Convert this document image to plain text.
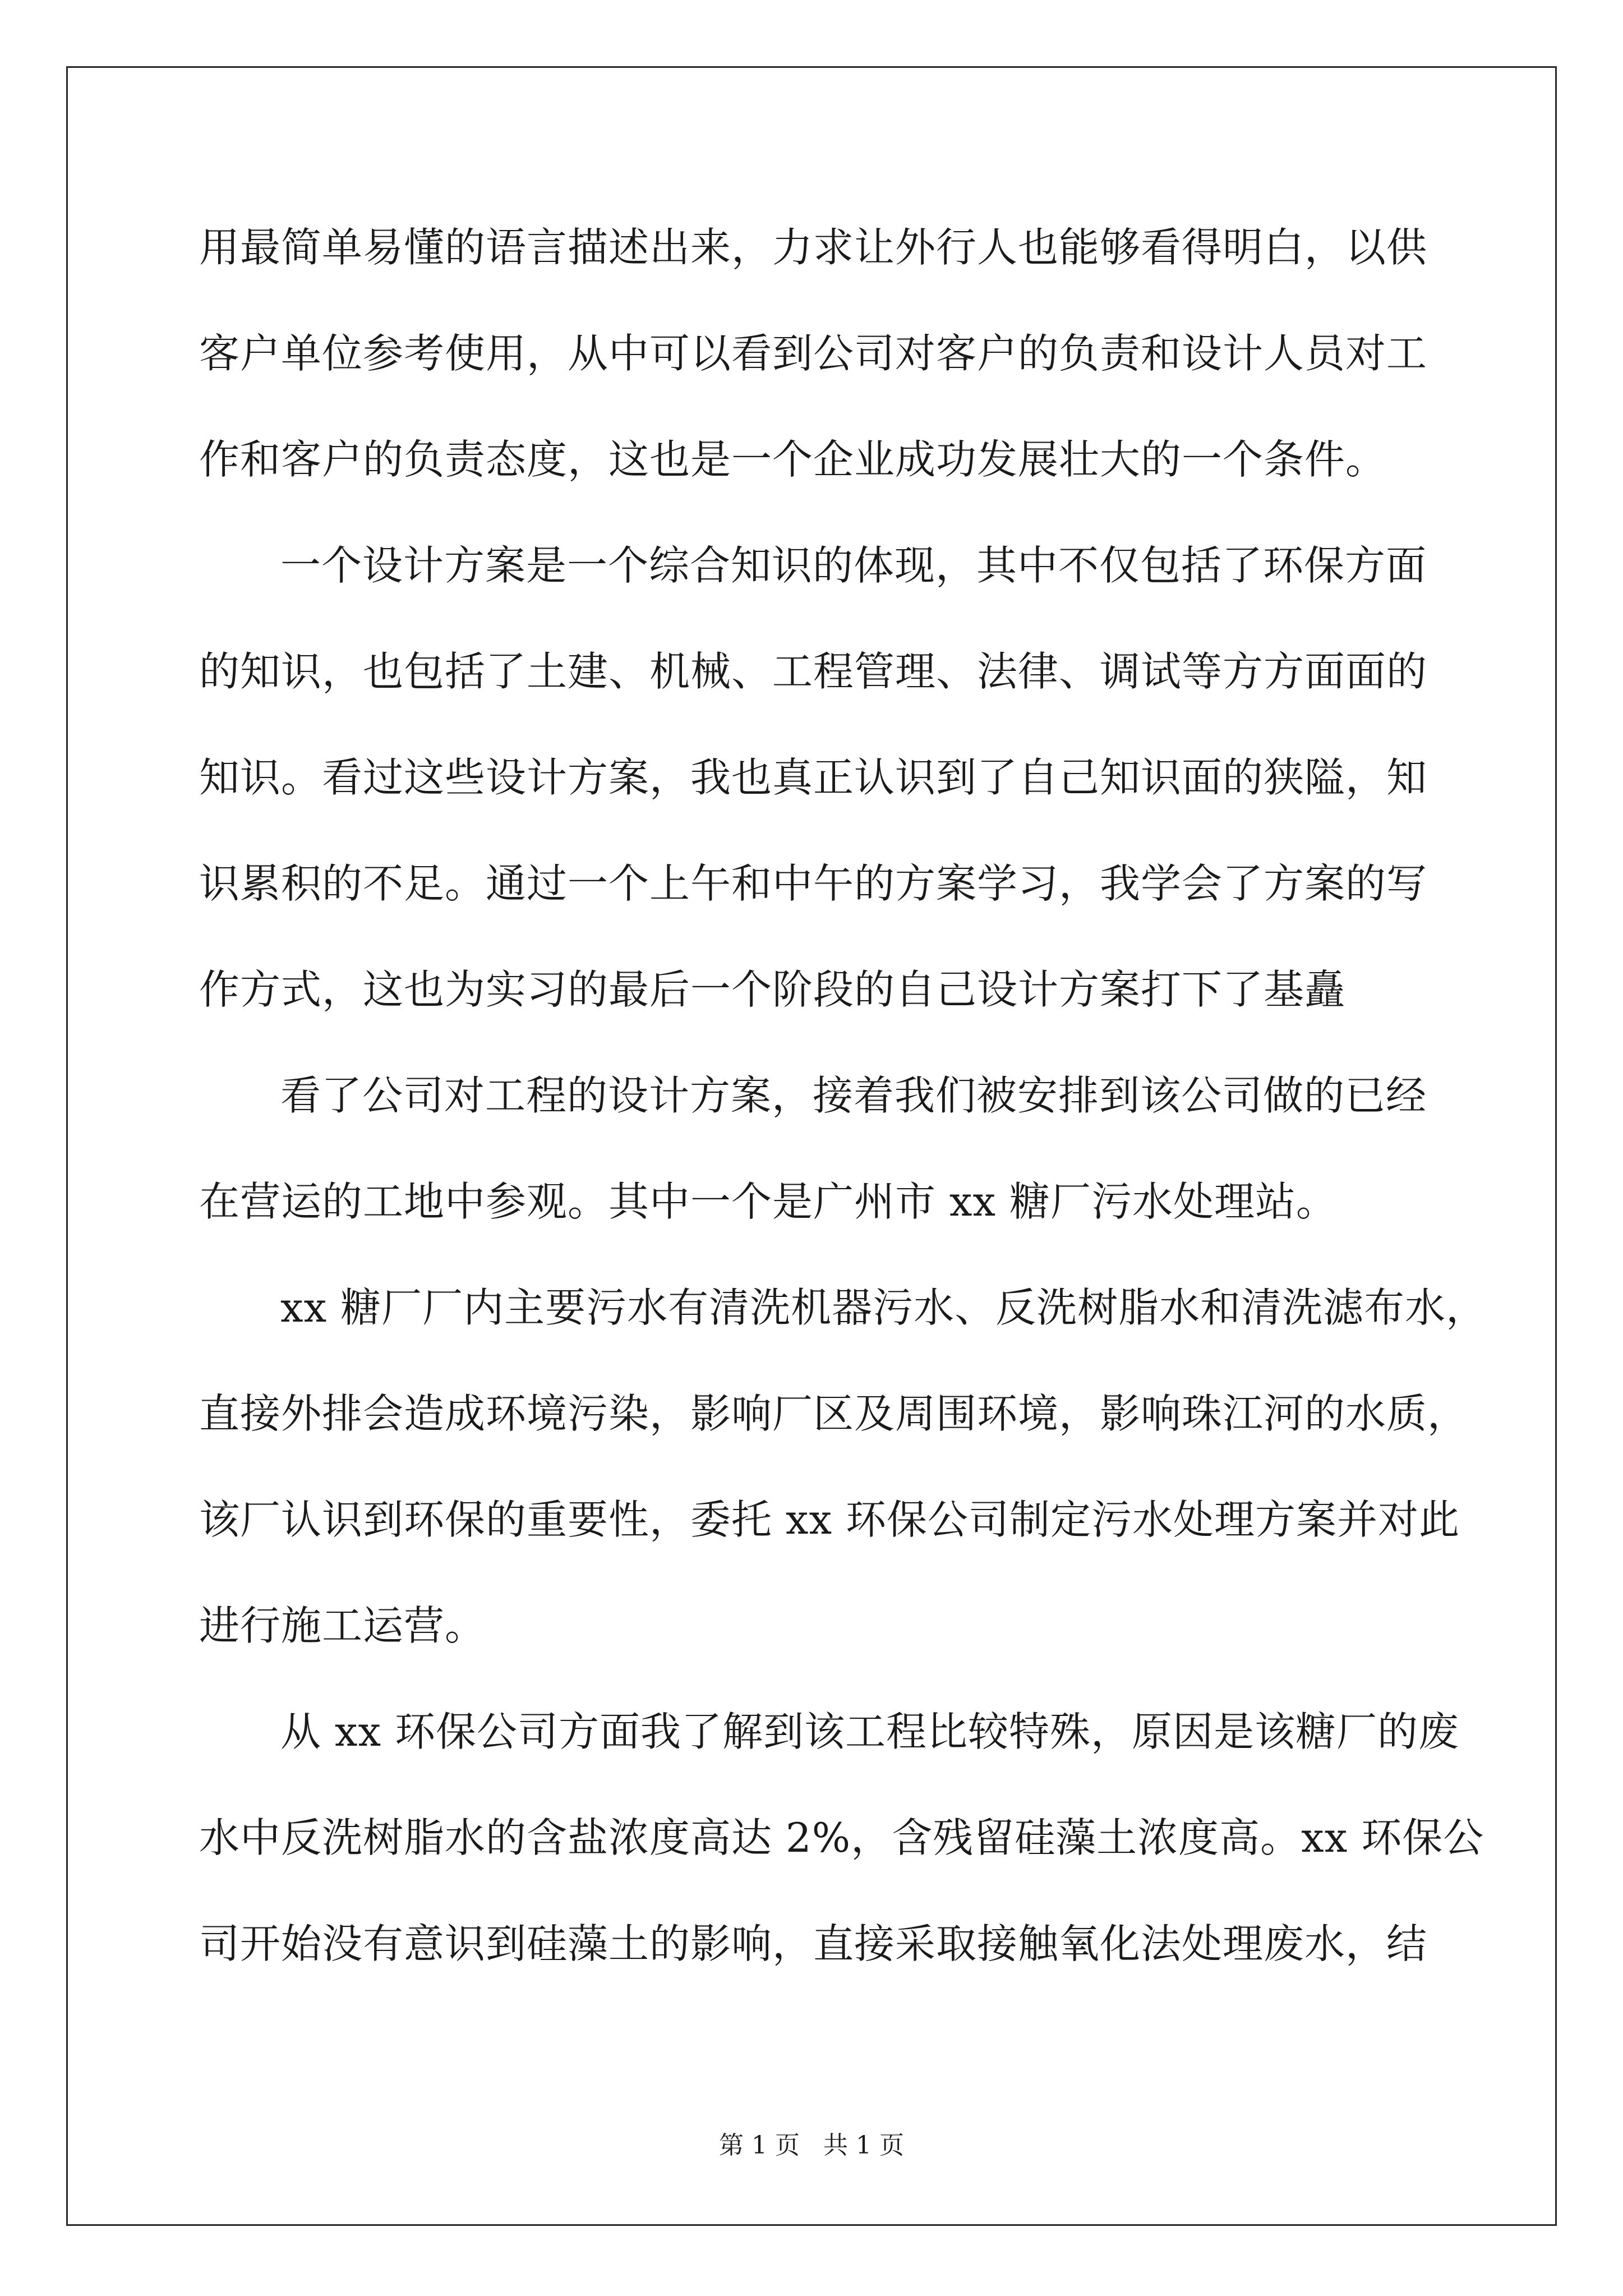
用最简单易懂的语言描述出来，力求让外行人也能够看得明白，以供
客户单位参考使用，从中可以看到公司对客户的负责和设计人员对工
作和客户的负责态度，这也是一个企业成功发展壮大的一个条件。
一个设计方案是一个综合知识的体现，其中不仅包括了环保方面
的知识，也包括了土建、机械、工程管理、法律、调试等方方面面的
知识。看过这些设计方案，我也真正认识到了自己知识面的狭隘，知
识累积的不足。通过一个上午和中午的方案学习，我学会了方案的写
作方式，这也为实习的最后一个阶段的自己设计方案打下了基矗
看了公司对工程的设计方案，接着我们被安排到该公司做的已经
在营运的工地中参观。其中一个是广州市 xx 糖厂污水处理站。
xx 糖厂厂内主要污水有清洗机器污水、反洗树脂水和清洗滤布水，
直接外排会造成环境污染，影响厂区及周围环境，影响珠江河的水质，
该厂认识到环保的重要性，委托 xx 环保公司制定污水处理方案并对此
进行施工运营。
从 xx 环保公司方面我了解到该工程比较特殊，原因是该糖厂的废
水中反洗树脂水的含盐浓度高达 2%，含残留硅藻土浓度高。xx 环保公
司开始没有意识到硅藻土的影响，直接采取接触氧化法处理废水，结
第 1 页   共 1 页
